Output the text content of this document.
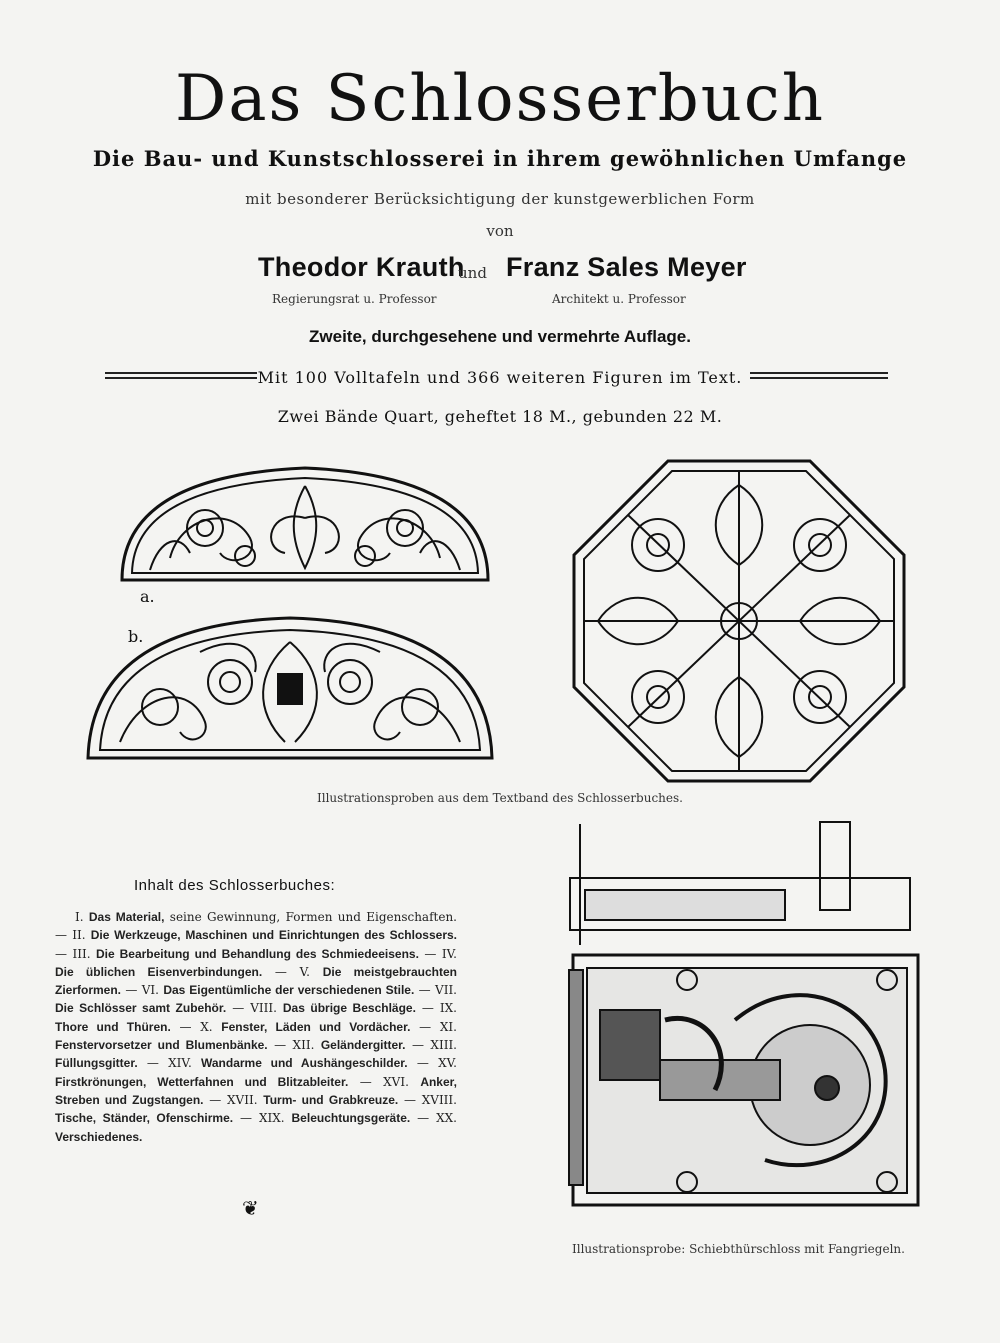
Das Schlosserbuch
Die Bau- und Kunstschlosserei in ihrem gewöhnlichen Umfange
mit besonderer Berücksichtigung der kunstgewerblichen Form
von
Theodor Krauth
und Franz Sales Meyer
Regierungsrat u. Professor	Architekt u. Professor
Zweite, durchgesehene und vermehrte Auflage.
Mit 100 Volltafeln und 366 weiteren Figuren im Text.
Zwei Bände Quart, geheftet 18 M., gebunden 22 M.
a.
b.
Illustrationsproben aus dem Textband des Schlosserbuches.
Inhalt des Schlosserbuches:
I. Das Material, seine Gewinnung, Formen und Eigenschaften. — II. Die Werkzeuge, Maschinen und Einrichtungen des Schlossers. — III. Die Bearbeitung und Behandlung des Schmiedeeisens. — IV. Die üblichen Eisenverbindungen. — V. Die meistgebrauchten Zierformen. — VI. Das Eigentümliche der verschiedenen Stile. — VII. Die Schlösser samt Zubehör. — VIII. Das übrige Beschläge. — IX. Thore und Thüren. — X. Fenster, Läden und Vordächer. — XI. Fenstervorsetzer und Blumenbänke. — XII. Geländergitter. — XIII. Füllungsgitter. — XIV. Wandarme und Aushängeschilder. — XV. Firstkrönungen, Wetterfahnen und Blitzableiter. — XVI. Anker, Streben und Zugstangen. — XVII. Turm- und Grabkreuze. — XVIII. Tische, Ständer, Ofenschirme. — XIX. Beleuchtungsgeräte. — XX. Verschiedenes.
❦
Illustrationsprobe: Schiebthürschloss mit Fangriegeln.
